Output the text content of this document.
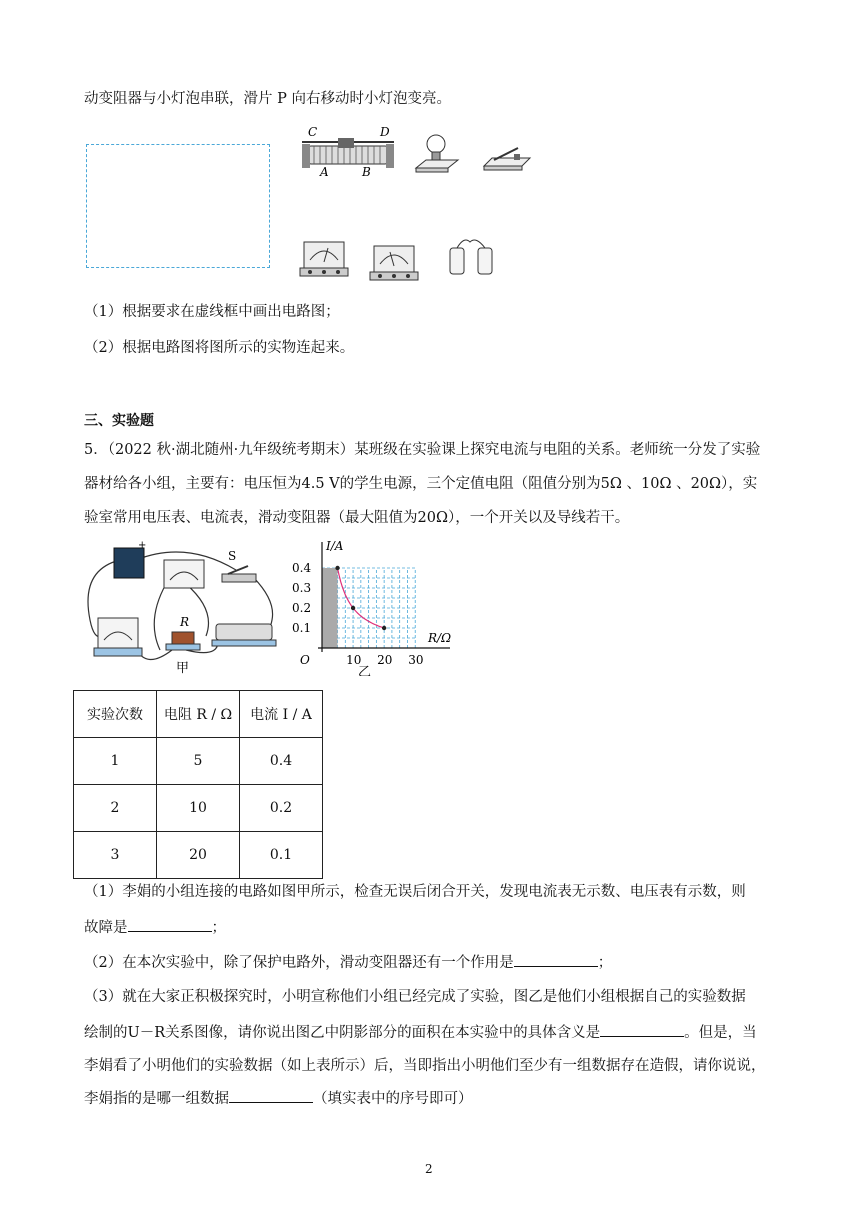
动变阻器与小灯泡串联，滑片 P 向右移动时小灯泡变亮。
C	D
A	B
（1）根据要求在虚线框中画出电路图；
（2）根据电路图将图所示的实物连起来。
三、实验题
5．（2022 秋·湖北随州·九年级统考期末）某班级在实验课上探究电流与电阻的关系。老师统一分发了实验
器材给各小组，主要有：电压恒为4.5 V的学生电源，三个定值电阻（阻值分别为5Ω 、10Ω 、20Ω），实
验室常用电压表、电流表，滑动变阻器（最大阻值为20Ω），一个开关以及导线若干。
+
S
R
甲
10 20 30
0.1
0.2
0.3
0.4
I/A
R/Ω
O
乙
实验次数	电阻 R / Ω	电流 I / A
1	5	0.4
2	10	0.2
3	20	0.1
（1）李娟的小组连接的电路如图甲所示，检查无误后闭合开关，发现电流表无示数、电压表有示数，则
故障是	；
（2）在本次实验中，除了保护电路外，滑动变阻器还有一个作用是	；
（3）就在大家正积极探究时，小明宣称他们小组已经完成了实验，图乙是他们小组根据自己的实验数据
绘制的U－R关系图像，请你说出图乙中阴影部分的面积在本实验中的具体含义是	。但是，当
李娟看了小明他们的实验数据（如上表所示）后，当即指出小明他们至少有一组数据存在造假，请你说说，
李娟指的是哪一组数据	（填实表中的序号即可）
2
